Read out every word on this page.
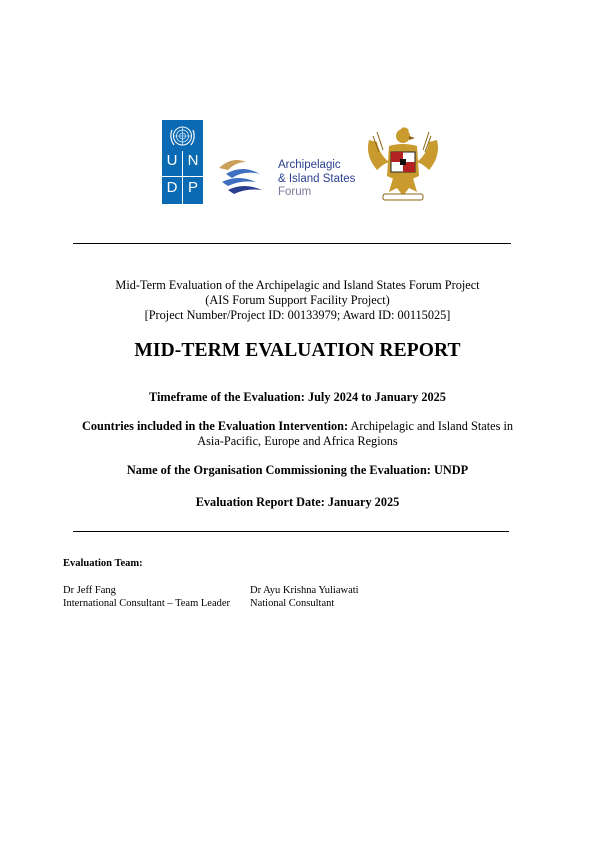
U N
D P
Archipelagic
& Island States
Forum
Mid-Term Evaluation of the Archipelagic and Island States Forum Project
(AIS Forum Support Facility Project)
[Project Number/Project ID: 00133979; Award ID: 00115025]
MID-TERM EVALUATION REPORT
Timeframe of the Evaluation: July 2024 to January 2025
Countries included in the Evaluation Intervention: Archipelagic and Island States in
Asia-Pacific, Europe and Africa Regions
Name of the Organisation Commissioning the Evaluation: UNDP
Evaluation Report Date: January 2025
Evaluation Team:
Dr Jeff Fang
International Consultant – Team Leader
Dr Ayu Krishna Yuliawati
National Consultant
